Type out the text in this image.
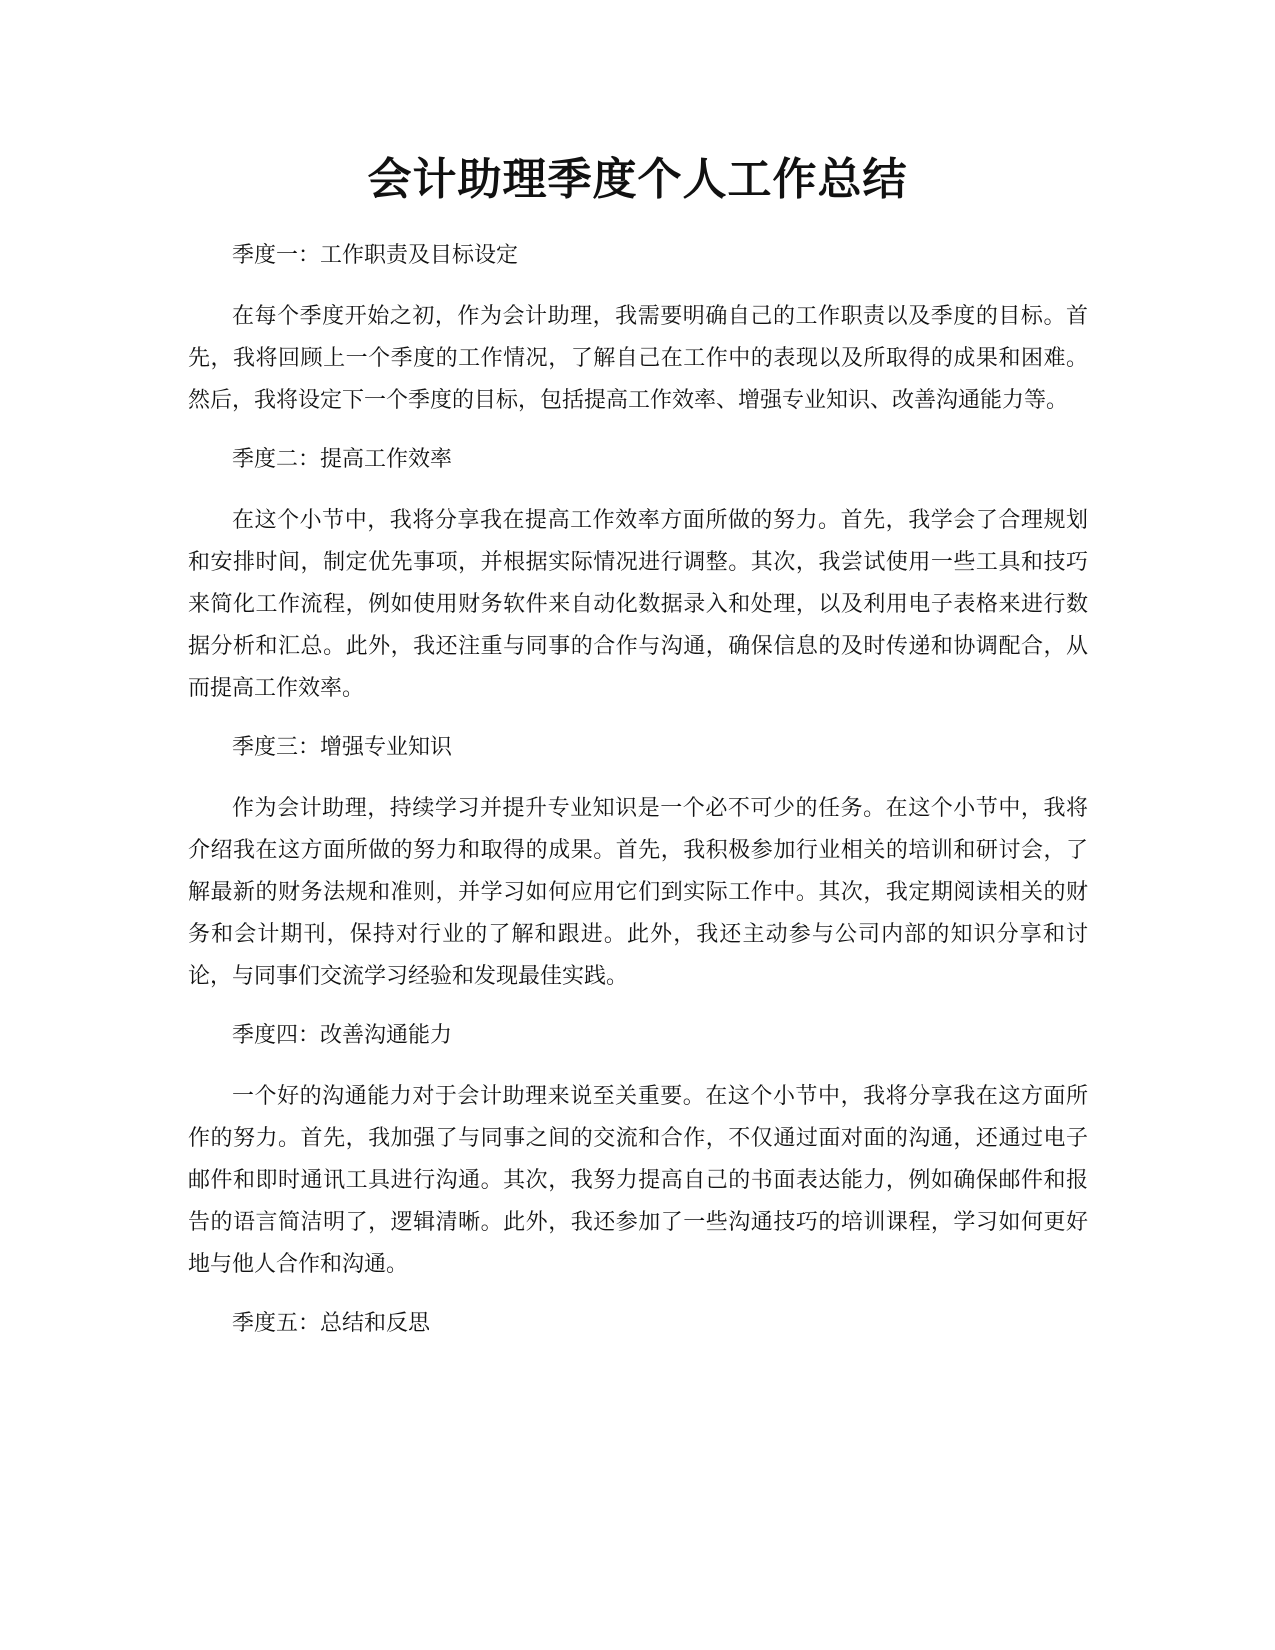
会计助理季度个人工作总结

季度一：工作职责及目标设定

在每个季度开始之初，作为会计助理，我需要明确自己的工作职责以及季度的目标。首先，我将回顾上一个季度的工作情况，了解自己在工作中的表现以及所取得的成果和困难。然后，我将设定下一个季度的目标，包括提高工作效率、增强专业知识、改善沟通能力等。

季度二：提高工作效率

在这个小节中，我将分享我在提高工作效率方面所做的努力。首先，我学会了合理规划和安排时间，制定优先事项，并根据实际情况进行调整。其次，我尝试使用一些工具和技巧来简化工作流程，例如使用财务软件来自动化数据录入和处理，以及利用电子表格来进行数据分析和汇总。此外，我还注重与同事的合作与沟通，确保信息的及时传递和协调配合，从而提高工作效率。

季度三：增强专业知识

作为会计助理，持续学习并提升专业知识是一个必不可少的任务。在这个小节中，我将介绍我在这方面所做的努力和取得的成果。首先，我积极参加行业相关的培训和研讨会，了解最新的财务法规和准则，并学习如何应用它们到实际工作中。其次，我定期阅读相关的财务和会计期刊，保持对行业的了解和跟进。此外，我还主动参与公司内部的知识分享和讨论，与同事们交流学习经验和发现最佳实践。

季度四：改善沟通能力

一个好的沟通能力对于会计助理来说至关重要。在这个小节中，我将分享我在这方面所作的努力。首先，我加强了与同事之间的交流和合作，不仅通过面对面的沟通，还通过电子邮件和即时通讯工具进行沟通。其次，我努力提高自己的书面表达能力，例如确保邮件和报告的语言简洁明了，逻辑清晰。此外，我还参加了一些沟通技巧的培训课程，学习如何更好地与他人合作和沟通。

季度五：总结和反思
